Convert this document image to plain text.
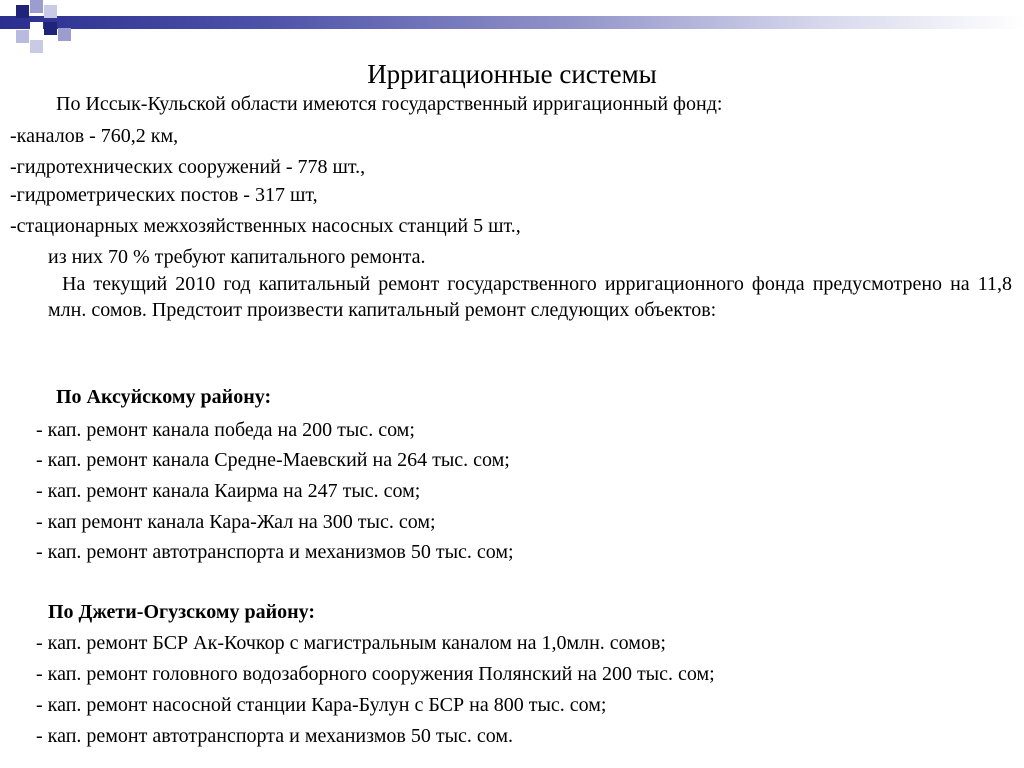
Ирригационные системы
По Иссык-Кульской области имеются государственный ирригационный фонд:
-каналов - 760,2 км,
-гидротехнических сооружений - 778 шт.,
-гидрометрических постов - 317 шт,
-стационарных межхозяйственных насосных станций 5 шт.,
из них 70 % требуют капитального ремонта.
На текущий 2010 год капитальный ремонт государственного ирригационного фонда предусмотрено на 11,8 млн. сомов. Предстоит произвести капитальный ремонт следующих объектов:
По Аксуйскому району:
- кап. ремонт канала победа на 200 тыс. сом;
- кап. ремонт канала Средне-Маевский на 264 тыс. сом;
- кап. ремонт канала Каирма на 247 тыс. сом;
- кап ремонт канала Кара-Жал на 300 тыс. сом;
- кап. ремонт автотранспорта и механизмов 50 тыс. сом;
По Джети-Огузскому району:
- кап. ремонт БСР Ак-Кочкор с магистральным каналом на 1,0млн. сомов;
- кап. ремонт головного водозаборного сооружения Полянский на 200 тыс. сом;
- кап. ремонт насосной станции Кара-Булун с БСР на 800 тыс. сом;
- кап. ремонт автотранспорта и механизмов 50 тыс. сом.
